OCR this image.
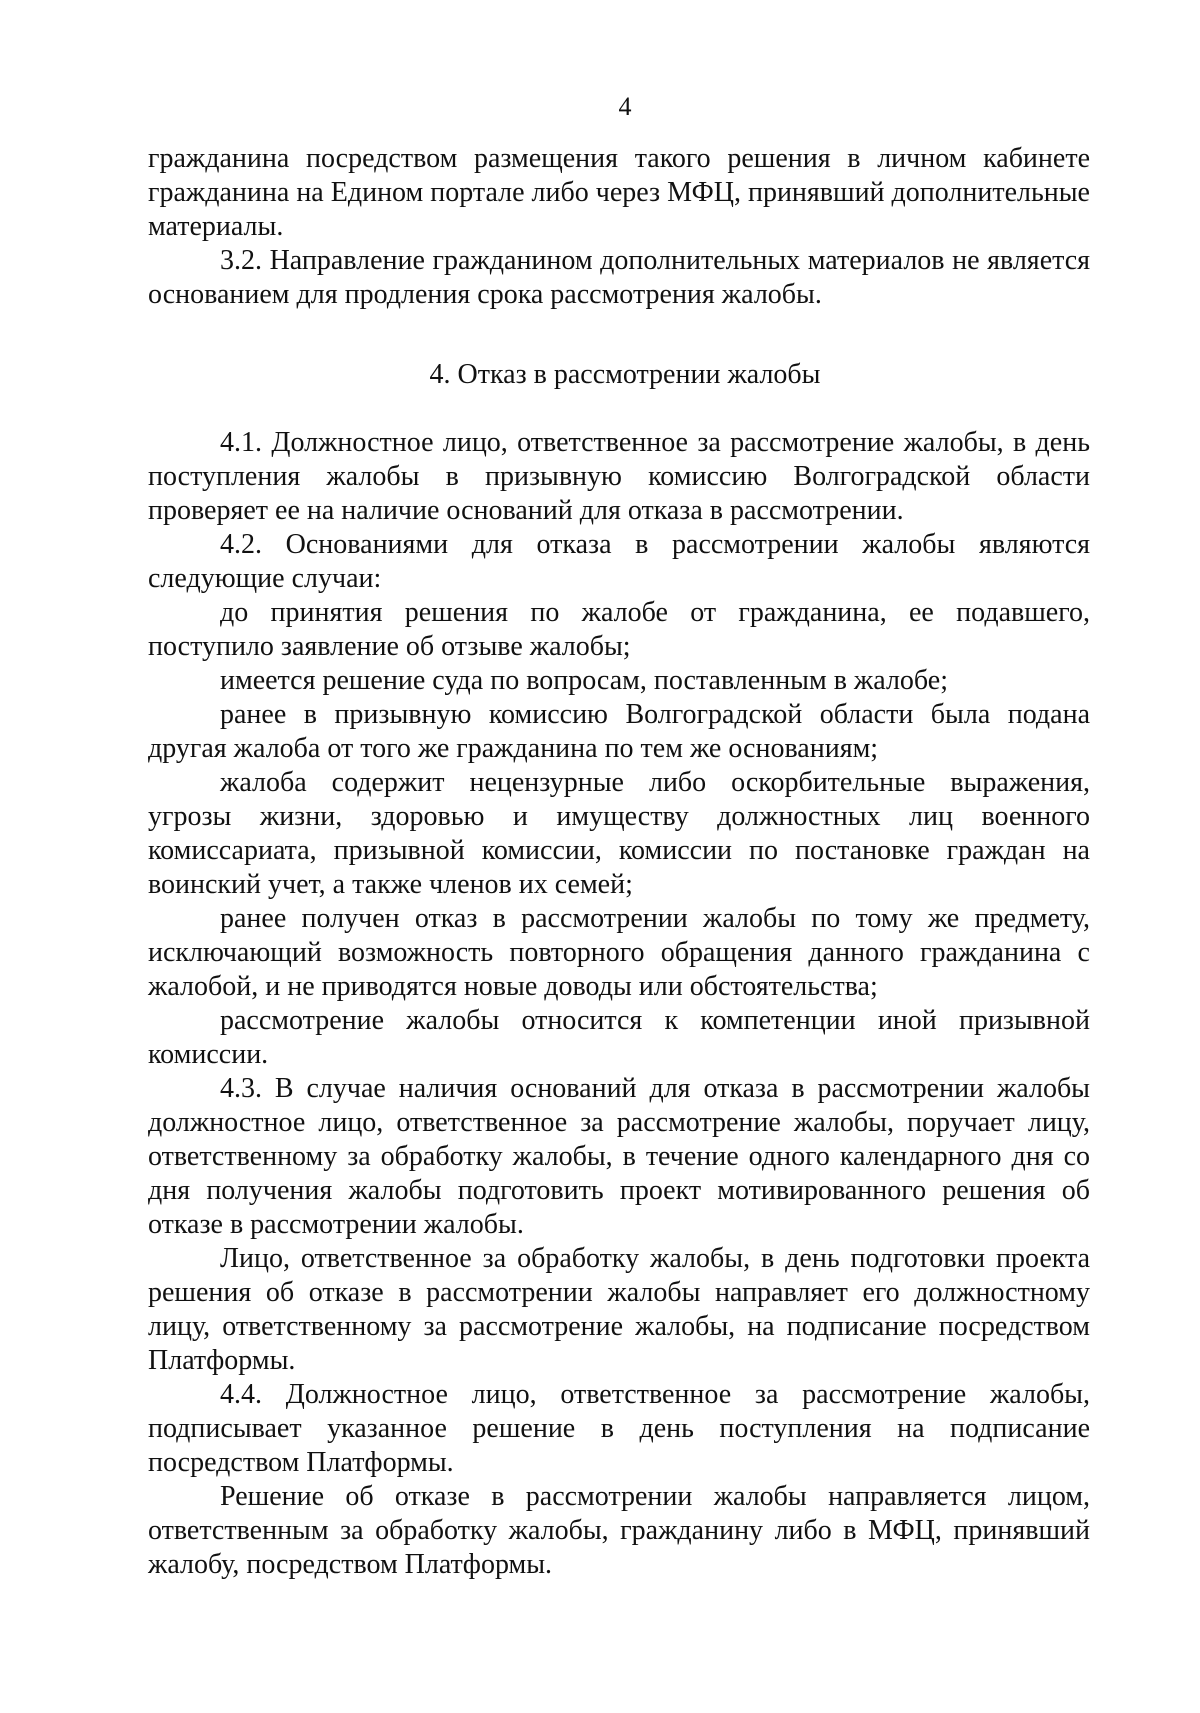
4

гражданина посредством размещения такого решения в личном кабинете гражданина на Едином портале либо через МФЦ, принявший дополнительные материалы.

3.2. Направление гражданином дополнительных материалов не является основанием для продления срока рассмотрения жалобы.

4. Отказ в рассмотрении жалобы

4.1. Должностное лицо, ответственное за рассмотрение жалобы, в день поступления жалобы в призывную комиссию Волгоградской области проверяет ее на наличие оснований для отказа в рассмотрении.

4.2. Основаниями для отказа в рассмотрении жалобы являются следующие случаи:

до принятия решения по жалобе от гражданина, ее подавшего, поступило заявление об отзыве жалобы;

имеется решение суда по вопросам, поставленным в жалобе;

ранее в призывную комиссию Волгоградской области была подана другая жалоба от того же гражданина по тем же основаниям;

жалоба содержит нецензурные либо оскорбительные выражения, угрозы жизни, здоровью и имуществу должностных лиц военного комиссариата, призывной комиссии, комиссии по постановке граждан на воинский учет, а также членов их семей;

ранее получен отказ в рассмотрении жалобы по тому же предмету, исключающий возможность повторного обращения данного гражданина с жалобой, и не приводятся новые доводы или обстоятельства;

рассмотрение жалобы относится к компетенции иной призывной комиссии.

4.3. В случае наличия оснований для отказа в рассмотрении жалобы должностное лицо, ответственное за рассмотрение жалобы, поручает лицу, ответственному за обработку жалобы, в течение одного календарного дня со дня получения жалобы подготовить проект мотивированного решения об отказе в рассмотрении жалобы.

Лицо, ответственное за обработку жалобы, в день подготовки проекта решения об отказе в рассмотрении жалобы направляет его должностному лицу, ответственному за рассмотрение жалобы, на подписание посредством Платформы.

4.4. Должностное лицо, ответственное за рассмотрение жалобы, подписывает указанное решение в день поступления на подписание посредством Платформы.

Решение об отказе в рассмотрении жалобы направляется лицом, ответственным за обработку жалобы, гражданину либо в МФЦ, принявший жалобу, посредством Платформы.
